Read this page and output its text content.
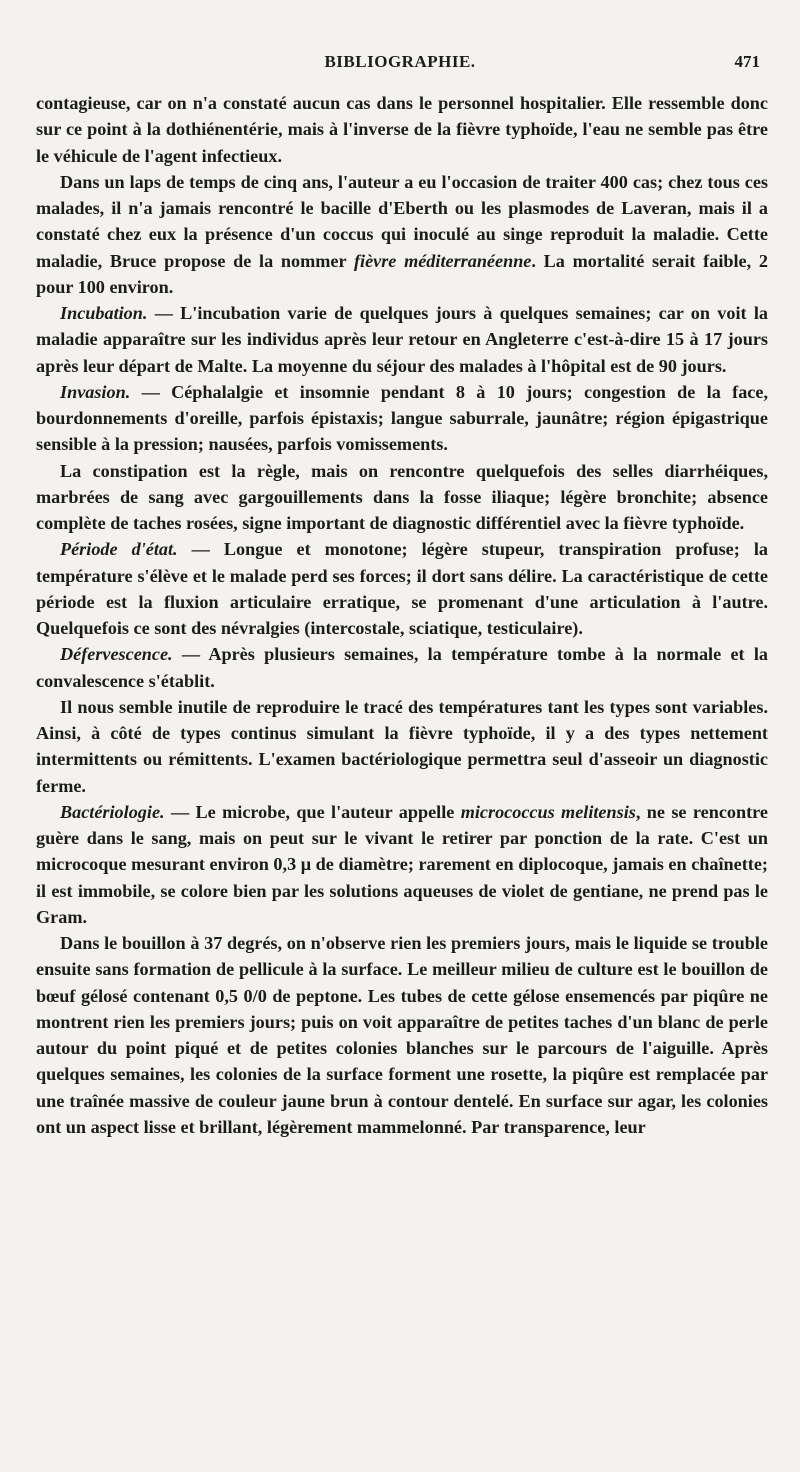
BIBLIOGRAPHIE.	471

contagieuse, car on n'a constaté aucun cas dans le personnel hospitalier. Elle ressemble donc sur ce point à la dothiénentérie, mais à l'inverse de la fièvre typhoïde, l'eau ne semble pas être le véhicule de l'agent infectieux.

Dans un laps de temps de cinq ans, l'auteur a eu l'occasion de traiter 400 cas; chez tous ces malades, il n'a jamais rencontré le bacille d'Eberth ou les plasmodes de Laveran, mais il a constaté chez eux la présence d'un coccus qui inoculé au singe reproduit la maladie. Cette maladie, Bruce propose de la nommer fièvre méditerranéenne. La mortalité serait faible, 2 pour 100 environ.

Incubation. — L'incubation varie de quelques jours à quelques semaines; car on voit la maladie apparaître sur les individus après leur retour en Angleterre c'est-à-dire 15 à 17 jours après leur départ de Malte. La moyenne du séjour des malades à l'hôpital est de 90 jours.

Invasion. — Céphalalgie et insomnie pendant 8 à 10 jours; congestion de la face, bourdonnements d'oreille, parfois épistaxis; langue saburrale, jaunâtre; région épigastrique sensible à la pression; nausées, parfois vomissements.

La constipation est la règle, mais on rencontre quelquefois des selles diarrhéiques, marbrées de sang avec gargouillements dans la fosse iliaque; légère bronchite; absence complète de taches rosées, signe important de diagnostic différentiel avec la fièvre typhoïde.

Période d'état. — Longue et monotone; légère stupeur, transpiration profuse; la température s'élève et le malade perd ses forces; il dort sans délire. La caractéristique de cette période est la fluxion articulaire erratique, se promenant d'une articulation à l'autre. Quelquefois ce sont des névralgies (intercostale, sciatique, testiculaire).

Défervescence. — Après plusieurs semaines, la température tombe à la normale et la convalescence s'établit.

Il nous semble inutile de reproduire le tracé des températures tant les types sont variables. Ainsi, à côté de types continus simulant la fièvre typhoïde, il y a des types nettement intermittents ou rémittents. L'examen bactériologique permettra seul d'asseoir un diagnostic ferme.

Bactériologie. — Le microbe, que l'auteur appelle micrococcus melitensis, ne se rencontre guère dans le sang, mais on peut sur le vivant le retirer par ponction de la rate. C'est un microcoque mesurant environ 0,3 μ de diamètre; rarement en diplocoque, jamais en chaînette; il est immobile, se colore bien par les solutions aqueuses de violet de gentiane, ne prend pas le Gram.

Dans le bouillon à 37 degrés, on n'observe rien les premiers jours, mais le liquide se trouble ensuite sans formation de pellicule à la surface. Le meilleur milieu de culture est le bouillon de bœuf gélosé contenant 0,5 0/0 de peptone. Les tubes de cette gélose ensemencés par piqûre ne montrent rien les premiers jours; puis on voit apparaître de petites taches d'un blanc de perle autour du point piqué et de petites colonies blanches sur le parcours de l'aiguille. Après quelques semaines, les colonies de la surface forment une rosette, la piqûre est remplacée par une traînée massive de couleur jaune brun à contour dentelé. En surface sur agar, les colonies ont un aspect lisse et brillant, légèrement mammelonné. Par transparence, leur
